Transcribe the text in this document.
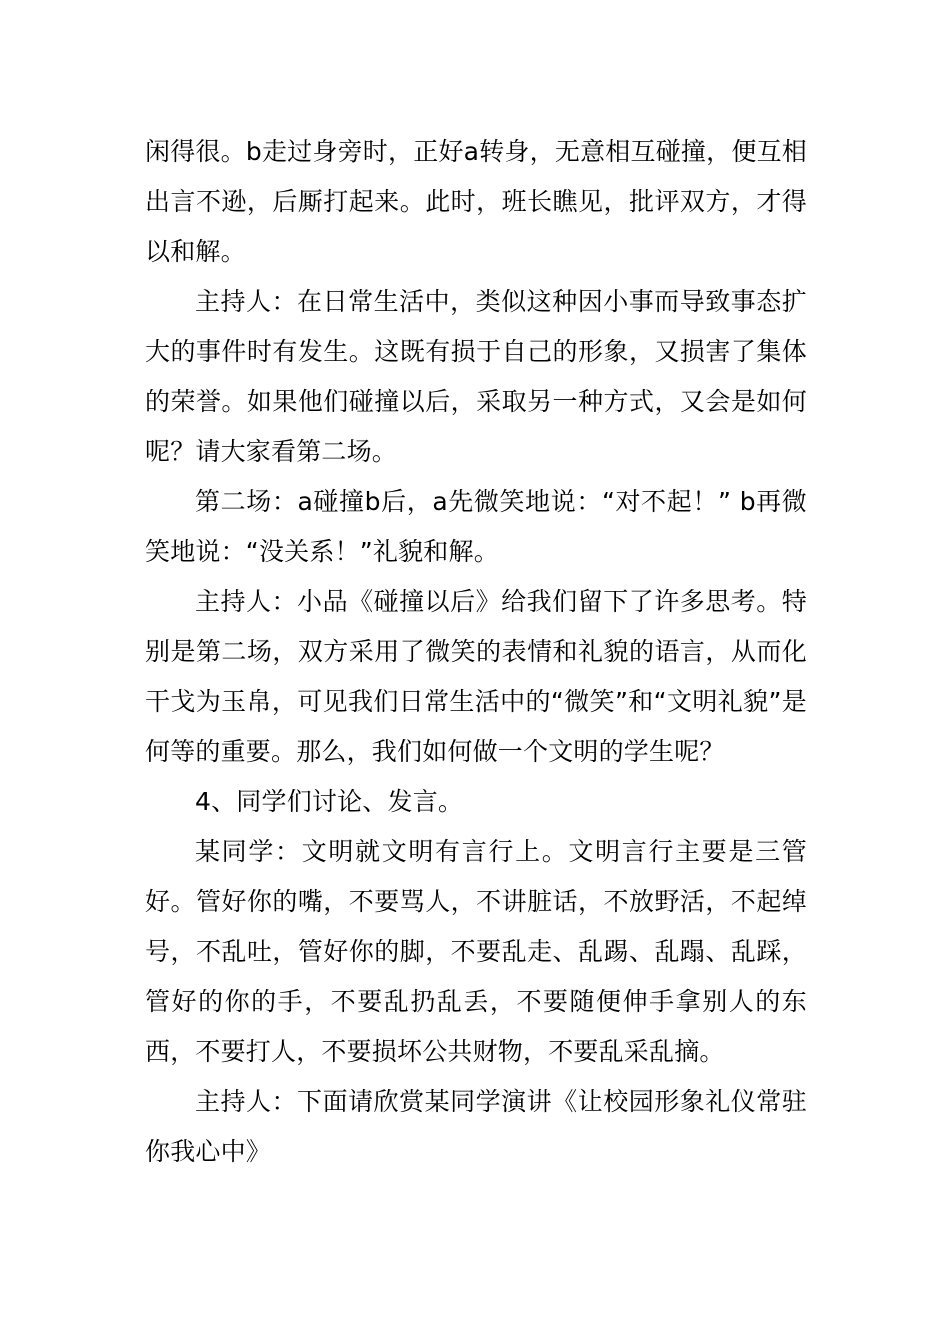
闲得很。b走过身旁时，正好a转身，无意相互碰撞，便互相出言不逊，后厮打起来。此时，班长瞧见，批评双方，才得以和解。

主持人：在日常生活中，类似这种因小事而导致事态扩大的事件时有发生。这既有损于自己的形象，又损害了集体的荣誉。如果他们碰撞以后，采取另一种方式，又会是如何呢？请大家看第二场。

第二场：a碰撞b后，a先微笑地说：“对不起！” b再微笑地说：“没关系！”礼貌和解。

主持人：小品《碰撞以后》给我们留下了许多思考。特别是第二场，双方采用了微笑的表情和礼貌的语言，从而化干戈为玉帛，可见我们日常生活中的“微笑”和“文明礼貌”是何等的重要。那么，我们如何做一个文明的学生呢？

4、同学们讨论、发言。

某同学：文明就文明有言行上。文明言行主要是三管好。管好你的嘴，不要骂人，不讲脏话，不放野活，不起绰号，不乱吐，管好你的脚，不要乱走、乱踢、乱蹋、乱踩，管好的你的手，不要乱扔乱丢，不要随便伸手拿别人的东西，不要打人，不要损坏公共财物，不要乱采乱摘。

主持人：下面请欣赏某同学演讲《让校园形象礼仪常驻你我心中》
